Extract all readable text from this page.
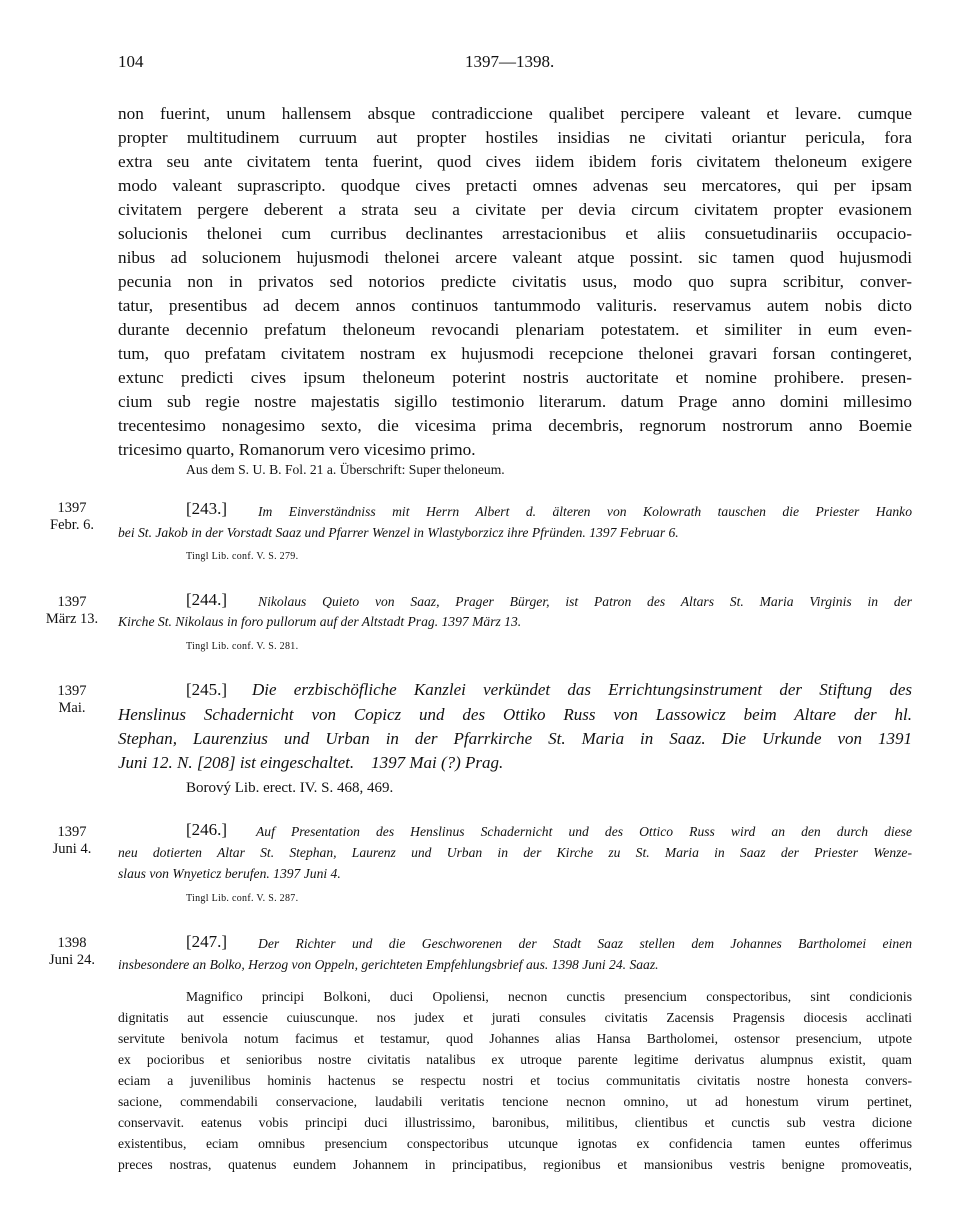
104	1397—1398.
non fuerint, unum hallensem absque contradiccione qualibet percipere valeant et levare. cumque
propter multitudinem curruum aut propter hostiles insidias ne civitati oriantur pericula, fora
extra seu ante civitatem tenta fuerint, quod cives iidem ibidem foris civitatem theloneum exigere
modo valeant suprascripto. quodque cives pretacti omnes advenas seu mercatores, qui per ipsam
civitatem pergere deberent a strata seu a civitate per devia circum civitatem propter evasionem
solucionis thelonei cum curribus declinantes arrestacionibus et aliis consuetudinariis occupacio-
nibus ad solucionem hujusmodi thelonei arcere valeant atque possint. sic tamen quod hujusmodi
pecunia non in privatos sed notorios predicte civitatis usus, modo quo supra scribitur, conver-
tatur, presentibus ad decem annos continuos tantummodo valituris. reservamus autem nobis dicto
durante decennio prefatum theloneum revocandi plenariam potestatem. et similiter in eum even-
tum, quo prefatam civitatem nostram ex hujusmodi recepcione thelonei gravari forsan contingeret,
extunc predicti cives ipsum theloneum poterint nostris auctoritate et nomine prohibere. presen-
cium sub regie nostre majestatis sigillo testimonio literarum. datum Prage anno domini millesimo
trecentesimo nonagesimo sexto, die vicesima prima decembris, regnorum nostrorum anno Boemie
tricesimo quarto, Romanorum vero vicesimo primo.
Aus dem S. U. B. Fol. 21 a. Überschrift: Super theloneum.
1397
Febr. 6.
[243.] Im Einverständniss mit Herrn Albert d. älteren von Kolowrath tauschen die Priester Hanko
bei St. Jakob in der Vorstadt Saaz und Pfarrer Wenzel in Wlastyborzicz ihre Pfründen. 1397 Februar 6.
Tingl Lib. conf. V. S. 279.
1397
März 13.
[244.] Nikolaus Quieto von Saaz, Prager Bürger, ist Patron des Altars St. Maria Virginis in der
Kirche St. Nikolaus in foro pullorum auf der Altstadt Prag. 1397 März 13.
Tingl Lib. conf. V. S. 281.
1397
Mai.
[245.] Die erzbischöfliche Kanzlei verkündet das Errichtungsinstrument der Stiftung des
Henslinus Schadernicht von Copicz und des Ottiko Russ von Lassowicz beim Altare der hl.
Stephan, Laurenzius und Urban in der Pfarrkirche St. Maria in Saaz. Die Urkunde von 1391
Juni 12. N. [208] ist eingeschaltet.    1397 Mai (?) Prag.
Borový Lib. erect. IV. S. 468, 469.
1397
Juni 4.
[246.] Auf Presentation des Henslinus Schadernicht und des Ottico Russ wird an den durch diese
neu dotierten Altar St. Stephan, Laurenz und Urban in der Kirche zu St. Maria in Saaz der Priester Wenze-
slaus von Wnyeticz berufen. 1397 Juni 4.
Tingl Lib. conf. V. S. 287.
1398
Juni 24.
[247.] Der Richter und die Geschworenen der Stadt Saaz stellen dem Johannes Bartholomei einen
insbesondere an Bolko, Herzog von Oppeln, gerichteten Empfehlungsbrief aus. 1398 Juni 24. Saaz.
Magnifico principi Bolkoni, duci Opoliensi, necnon cunctis presencium conspectoribus, sint condicionis
dignitatis aut essencie cuiuscunque. nos judex et jurati consules civitatis Zacensis Pragensis diocesis acclinati
servitute benivola notum facimus et testamur, quod Johannes alias Hansa Bartholomei, ostensor presencium, utpote
ex pocioribus et senioribus nostre civitatis natalibus ex utroque parente legitime derivatus alumpnus existit, quam
eciam a juvenilibus hominis hactenus se respectu nostri et tocius communitatis civitatis nostre honesta convers-
sacione, commendabili conservacione, laudabili veritatis tencione necnon omnino, ut ad honestum virum pertinet,
conservavit. eatenus vobis principi duci illustrissimo, baronibus, militibus, clientibus et cunctis sub vestra dicione
existentibus, eciam omnibus presencium conspectoribus utcunque ignotas ex confidencia tamen euntes offerimus
preces nostras, quatenus eundem Johannem in principatibus, regionibus et mansionibus vestris benigne promoveatis,
